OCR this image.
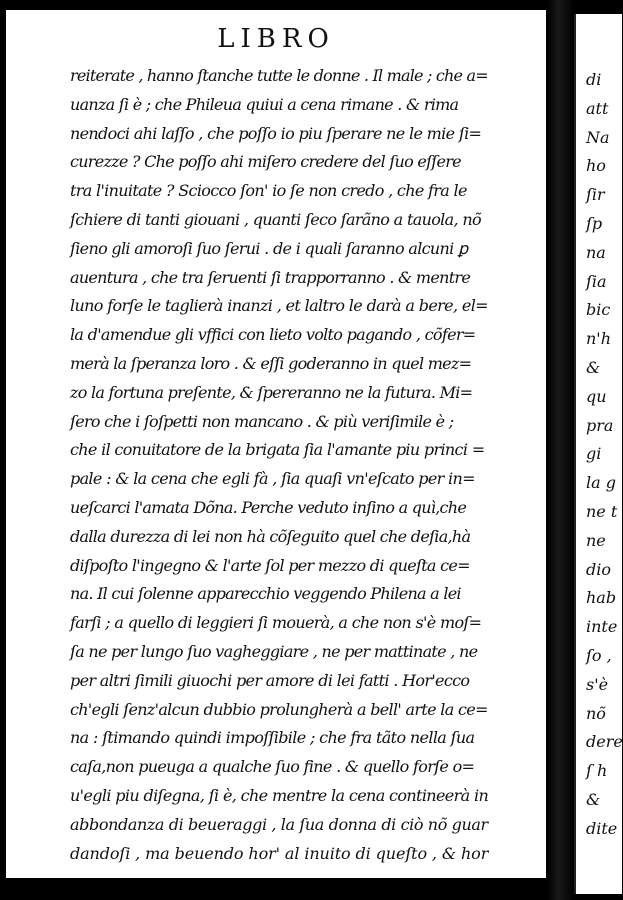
LIBRO
reiterate , hanno ſtanche tutte le donne . Il male ; che a=
uanza ſi è ; che Phileua quiui a cena rimane . & rima
nendoci ahi laſſo , che poſſo io piu ſperare ne le mie ſi=
curezze ? Che poſſo ahi miſero credere del ſuo eſſere
tra l'inuitate ? Sciocco ſon' io ſe non credo , che fra le
ſchiere di tanti giouani , quanti ſeco ſarãno a tauola, nõ
ſieno gli amoroſi ſuo ſerui . de i quali ſaranno alcuni ꝑ
auentura , che tra ſeruenti ſi trapporranno . & mentre
luno forſe le taglierà inanzi , et laltro le darà a bere, el=
la d'amendue gli vffici con lieto volto pagando , cõfer=
merà la ſperanza loro . & eſſi goderanno in quel mez=
zo la fortuna preſente, & ſpereranno ne la futura. Mi=
ſero che i ſoſpetti non mancano . & più veriſimile è ;
che il conuitatore de la brigata ſia l'amante piu princi =
pale : & la cena che egli fà , ſia quaſi vn'eſcato per in=
ueſcarci l'amata Dõna. Perche veduto inſino a quì,che
dalla durezza di lei non hà cõſeguito quel che deſia,hà
diſpoſto l'ingegno & l'arte ſol per mezzo di queſta ce=
na. Il cui ſolenne apparecchio veggendo Philena a lei
farſi ; a quello di leggieri ſi mouerà, a che non s'è moſ=
ſa ne per lungo ſuo vagheggiare , ne per mattinate , ne
per altri ſimili giuochi per amore di lei fatti . Hor'ecco
ch'egli ſenz'alcun dubbio prolungherà a bell' arte la ce=
na : ſtimando quindi impoſſibile ; che fra tãto nella ſua
caſa,non pueuga a qualche ſuo fine . & quello forſe o=
u'egli piu diſegna, ſi è, che mentre la cena contineerà in
abbondanza di beueraggi , la ſua donna di ciò nõ guar
dandoſi , ma beuendo hor' al inuito di queſto , & hor
di
att
Na
ho
ſir
ſp
na
ſia
bic
n'h
&
qu
pra
gi
la g
ne t
ne
dio
hab
inte
ſo ,
s'è
nõ
dere
ſ h
&
dite
